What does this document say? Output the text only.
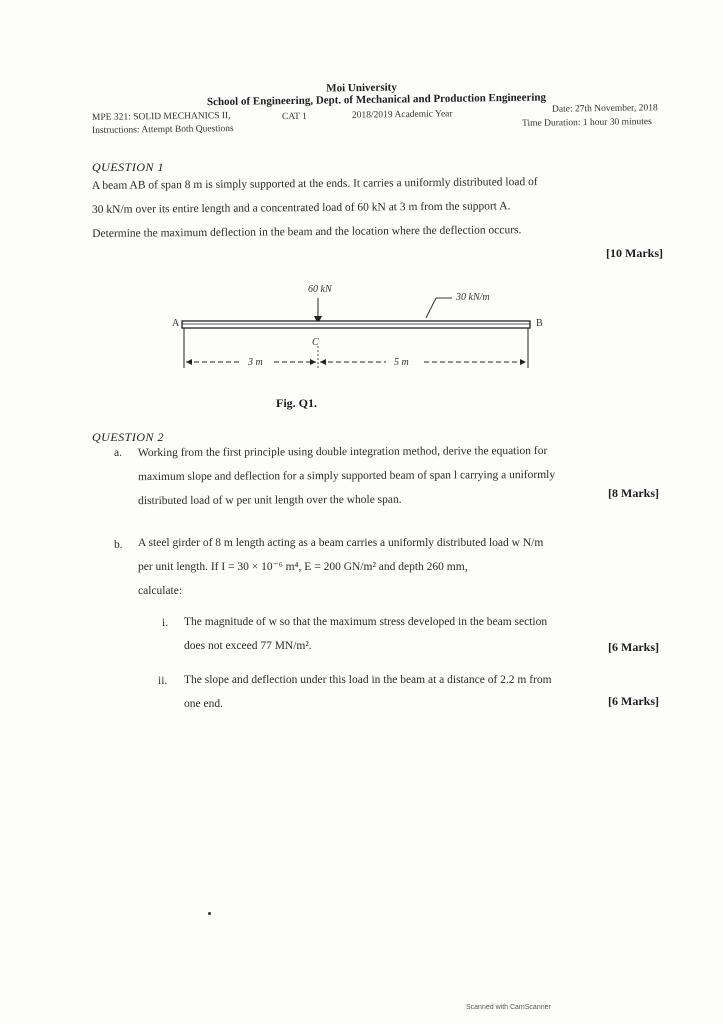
Moi University
School of Engineering, Dept. of Mechanical and Production Engineering
MPE 321: SOLID MECHANICS II,	CAT 1	2018/2019 Academic Year
Date: 27th November, 2018
Instructions: Attempt Both Questions
Time Duration: 1 hour 30 minutes
QUESTION 1
A beam AB of span 8 m is simply supported at the ends. It carries a uniformly distributed load of
30 kN/m over its entire length and a concentrated load of 60 kN at 3 m from the support A.
Determine the maximum deflection in the beam and the location where the deflection occurs.
[10 Marks]
60 kN
30 kN/m
A	B
C
3 m	5 m
Fig. Q1.
QUESTION 2
a. Working from the first principle using double integration method, derive the equation for
maximum slope and deflection for a simply supported beam of span l carrying a uniformly
distributed load of w per unit length over the whole span.
[8 Marks]
b. A steel girder of 8 m length acting as a beam carries a uniformly distributed load w N/m
per unit length. If I = 30 × 10⁻⁶ m⁴, E = 200 GN/m² and depth 260 mm,
calculate:
i. The magnitude of w so that the maximum stress developed in the beam section
does not exceed 77 MN/m².	[6 Marks]
ii. The slope and deflection under this load in the beam at a distance of 2.2 m from
one end.	[6 Marks]
Scanned with CamScanner
